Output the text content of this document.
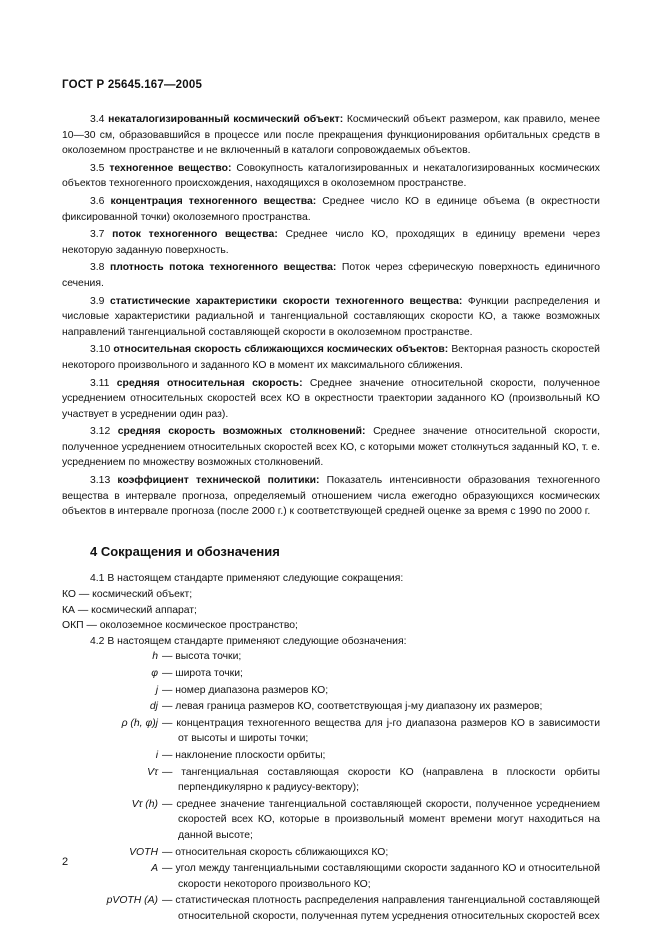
ГОСТ Р 25645.167—2005

3.4 некаталогизированный космический объект: Космический объект размером, как правило, менее 10—30 см, образовавшийся в процессе или после прекращения функционирования орбитальных средств в околоземном пространстве и не включенный в каталоги сопровождаемых объектов.

3.5 техногенное вещество: Совокупность каталогизированных и некаталогизированных космических объектов техногенного происхождения, находящихся в околоземном пространстве.

3.6 концентрация техногенного вещества: Среднее число КО в единице объема (в окрестности фиксированной точки) околоземного пространства.

3.7 поток техногенного вещества: Среднее число КО, проходящих в единицу времени через некоторую заданную поверхность.

3.8 плотность потока техногенного вещества: Поток через сферическую поверхность единичного сечения.

3.9 статистические характеристики скорости техногенного вещества: Функции распределения и числовые характеристики радиальной и тангенциальной составляющих скорости КО, а также возможных направлений тангенциальной составляющей скорости в околоземном пространстве.

3.10 относительная скорость сближающихся космических объектов: Векторная разность скоростей некоторого произвольного и заданного КО в момент их максимального сближения.

3.11 средняя относительная скорость: Среднее значение относительной скорости, полученное усреднением относительных скоростей всех КО в окрестности траектории заданного КО (произвольный КО участвует в усреднении один раз).

3.12 средняя скорость возможных столкновений: Среднее значение относительной скорости, полученное усреднением относительных скоростей всех КО, с которыми может столкнуться заданный КО, т. е. усреднением по множеству возможных столкновений.

3.13 коэффициент технической политики: Показатель интенсивности образования техногенного вещества в интервале прогноза, определяемый отношением числа ежегодно образующихся космических объектов в интервале прогноза (после 2000 г.) к соответствующей средней оценке за время с 1990 по 2000 г.

4 Сокращения и обозначения

4.1 В настоящем стандарте применяют следующие сокращения:

КО — космический объект;

КА — космический аппарат;

ОКП — околоземное космическое пространство;

4.2 В настоящем стандарте применяют следующие обозначения:

h — высота точки;
φ — широта точки;
j — номер диапазона размеров КО;
dj — левая граница размеров КО, соответствующая j-му диапазону их размеров;
ρ (h, φ)j — концентрация техногенного вещества для j-го диапазона размеров КО в зависимости от высоты и широты точки;
i — наклонение плоскости орбиты;
Vτ — тангенциальная составляющая скорости КО (направлена в плоскости орбиты перпендикулярно к радиусу-вектору);
Vτ (h) — среднее значение тангенциальной составляющей скорости, полученное усреднением скоростей всех КО, которые в произвольный момент времени могут находиться на данной высоте;
VОТН — относительная скорость сближающихся КО;
A — угол между тангенциальными составляющими скорости заданного КО и относительной скорости некоторого произвольного КО;
pVОТН (A) — статистическая плотность распределения направления тангенциальной составляющей относительной скорости, полученная путем усреднения относительных скоростей всех
2
